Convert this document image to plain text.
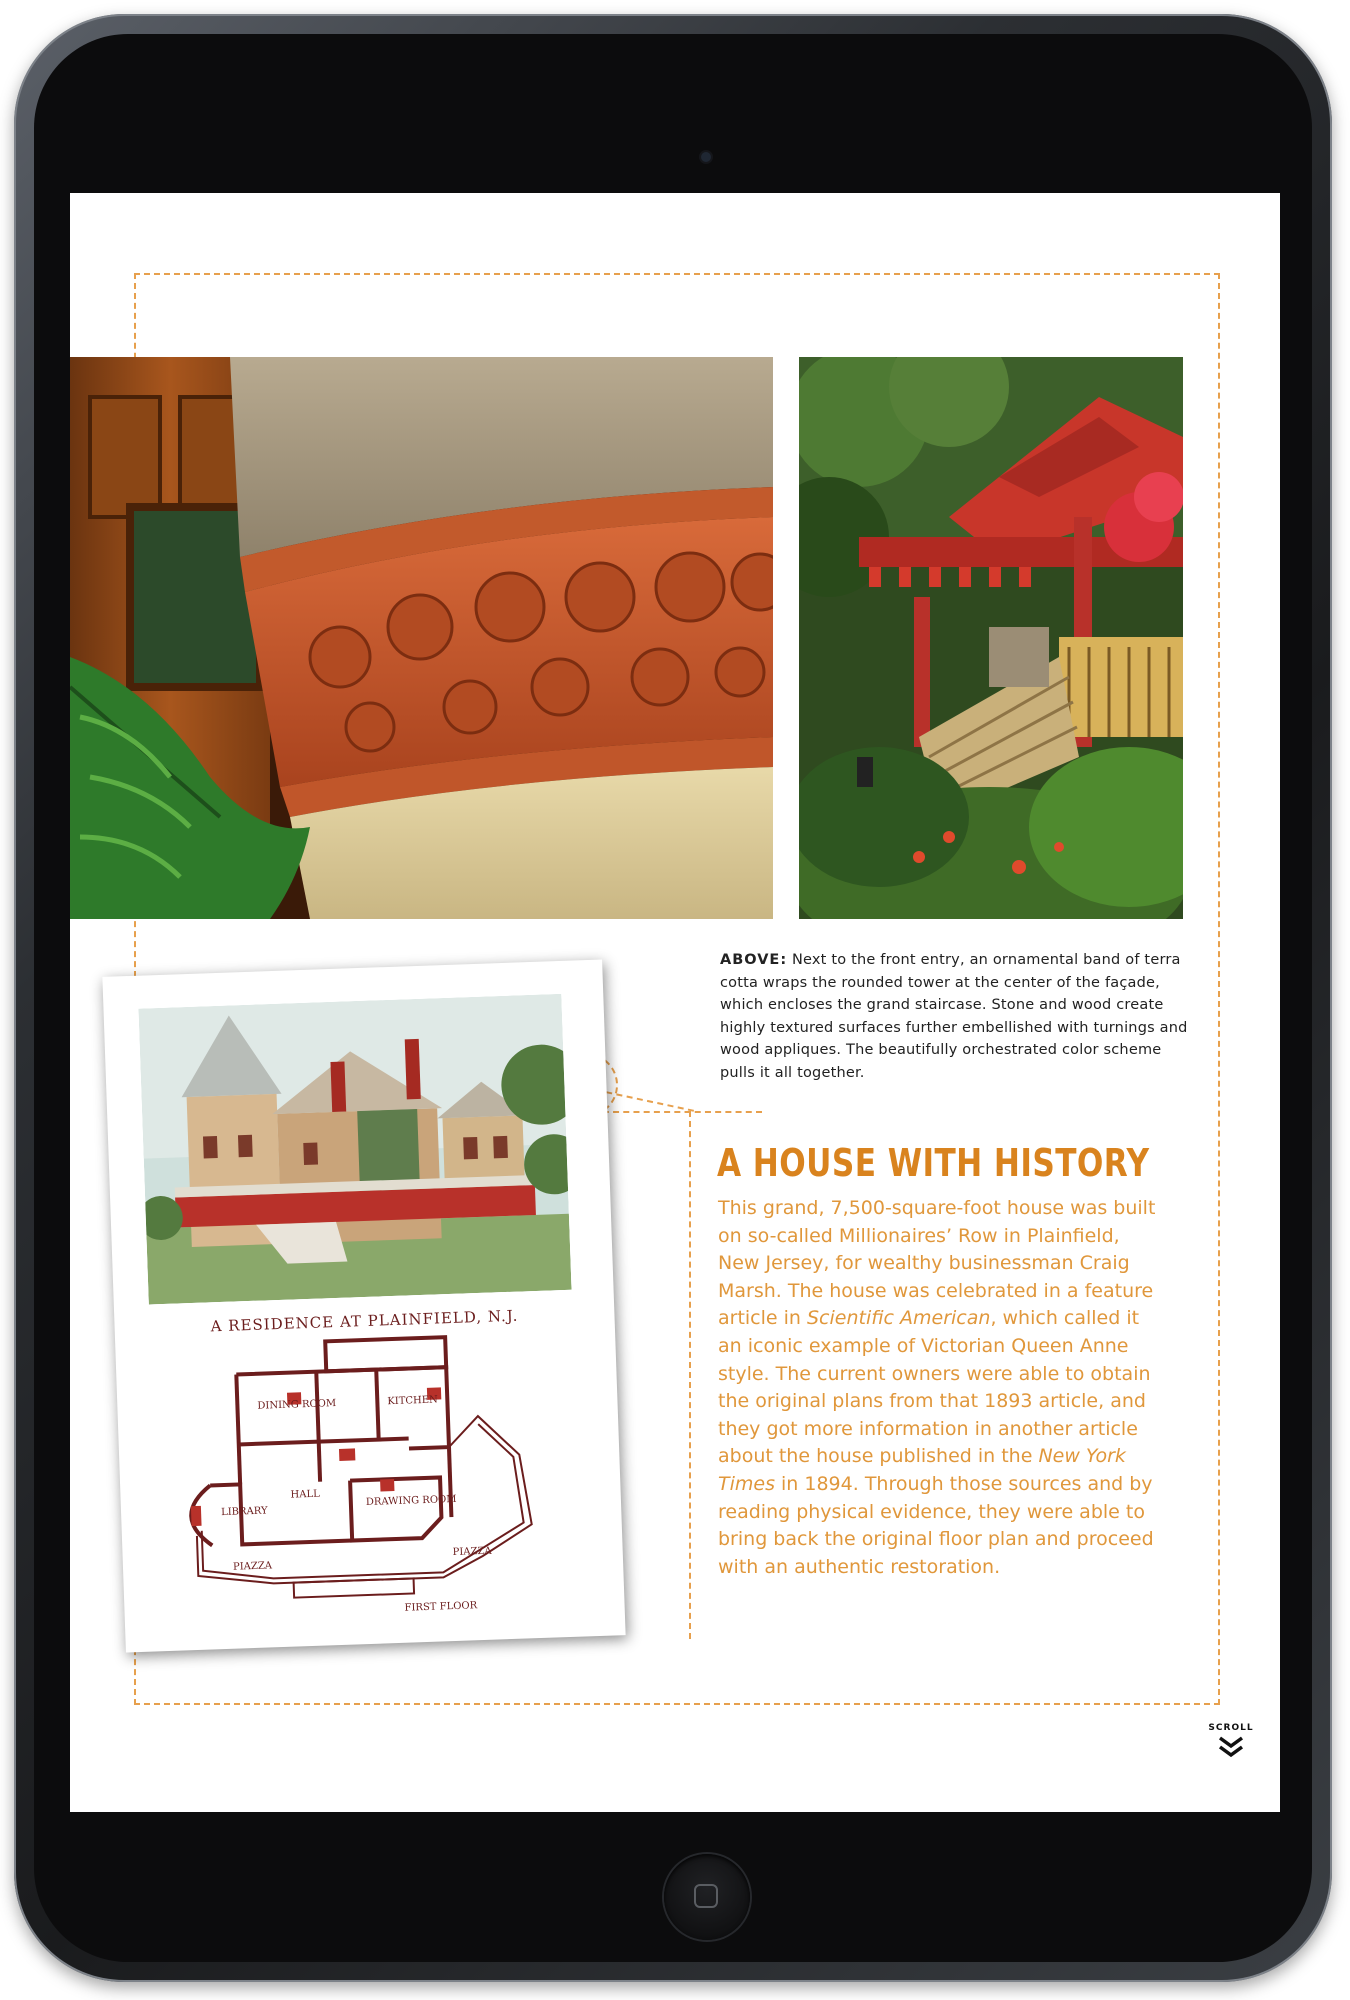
A RESIDENCE AT PLAINFIELD, N.J.
DINING ROOM	KITCHEN
LIBRARY
HALL	DRAWING ROOM
PIAZZA
PIAZZA
FIRST FLOOR
ABOVE: Next to the front entry, an ornamental band of terra cotta wraps the rounded tower at the center of the façade, which encloses the grand staircase. Stone and wood create highly textured surfaces further embellished with turnings and wood appliques. The beautifully orchestrated color scheme pulls it all together.
A HOUSE WITH HISTORY
This grand, 7,500-square-foot house was built on so-called Millionaires’ Row in Plainfield, New Jersey, for wealthy businessman Craig Marsh. The house was celebrated in a feature article in Scientific American, which called it an iconic example of Victorian Queen Anne style. The current owners were able to obtain the original plans from that 1893 article, and they got more information in another article about the house published in the New York Times in 1894. Through those sources and by reading physical evidence, they were able to bring back the original floor plan and proceed with an authentic restoration.
SCROLL
